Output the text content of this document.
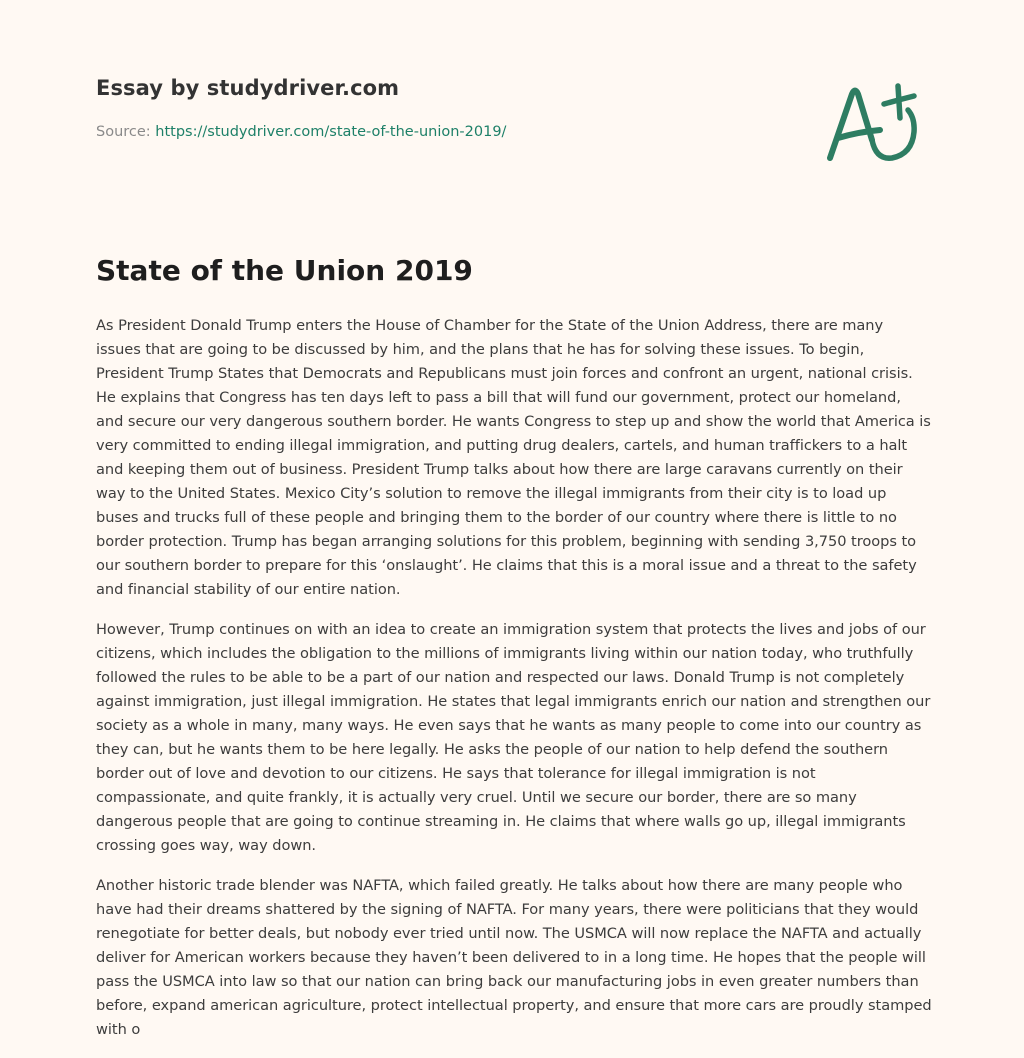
Essay by studydriver.com
Source: https://studydriver.com/state-of-the-union-2019/
State of the Union 2019

As President Donald Trump enters the House of Chamber for the State of the Union Address, there are many issues that are going to be discussed by him, and the plans that he has for solving these issues. To begin, President Trump States that Democrats and Republicans must join forces and confront an urgent, national crisis. He explains that Congress has ten days left to pass a bill that will fund our government, protect our homeland, and secure our very dangerous southern border. He wants Congress to step up and show the world that America is very committed to ending illegal immigration, and putting drug dealers, cartels, and human traffickers to a halt and keeping them out of business. President Trump talks about how there are large caravans currently on their way to the United States. Mexico City’s solution to remove the illegal immigrants from their city is to load up buses and trucks full of these people and bringing them to the border of our country where there is little to no border protection. Trump has began arranging solutions for this problem, beginning with sending 3,750 troops to our southern border to prepare for this ‘onslaught’. He claims that this is a moral issue and a threat to the safety and financial stability of our entire nation.

However, Trump continues on with an idea to create an immigration system that protects the lives and jobs of our citizens, which includes the obligation to the millions of immigrants living within our nation today, who truthfully followed the rules to be able to be a part of our nation and respected our laws. Donald Trump is not completely against immigration, just illegal immigration. He states that legal immigrants enrich our nation and strengthen our society as a whole in many, many ways. He even says that he wants as many people to come into our country as they can, but he wants them to be here legally. He asks the people of our nation to help defend the southern border out of love and devotion to our citizens. He says that tolerance for illegal immigration is not compassionate, and quite frankly, it is actually very cruel. Until we secure our border, there are so many dangerous people that are going to continue streaming in. He claims that where walls go up, illegal immigrants crossing goes way, way down.

Another historic trade blender was NAFTA, which failed greatly. He talks about how there are many people who have had their dreams shattered by the signing of NAFTA. For many years, there were politicians that they would renegotiate for better deals, but nobody ever tried until now. The USMCA will now replace the NAFTA and actually deliver for American workers because they haven’t been delivered to in a long time. He hopes that the people will pass the USMCA into law so that our nation can bring back our manufacturing jobs in even greater numbers than before, expand american agriculture, protect intellectual property, and ensure that more cars are proudly stamped with o
